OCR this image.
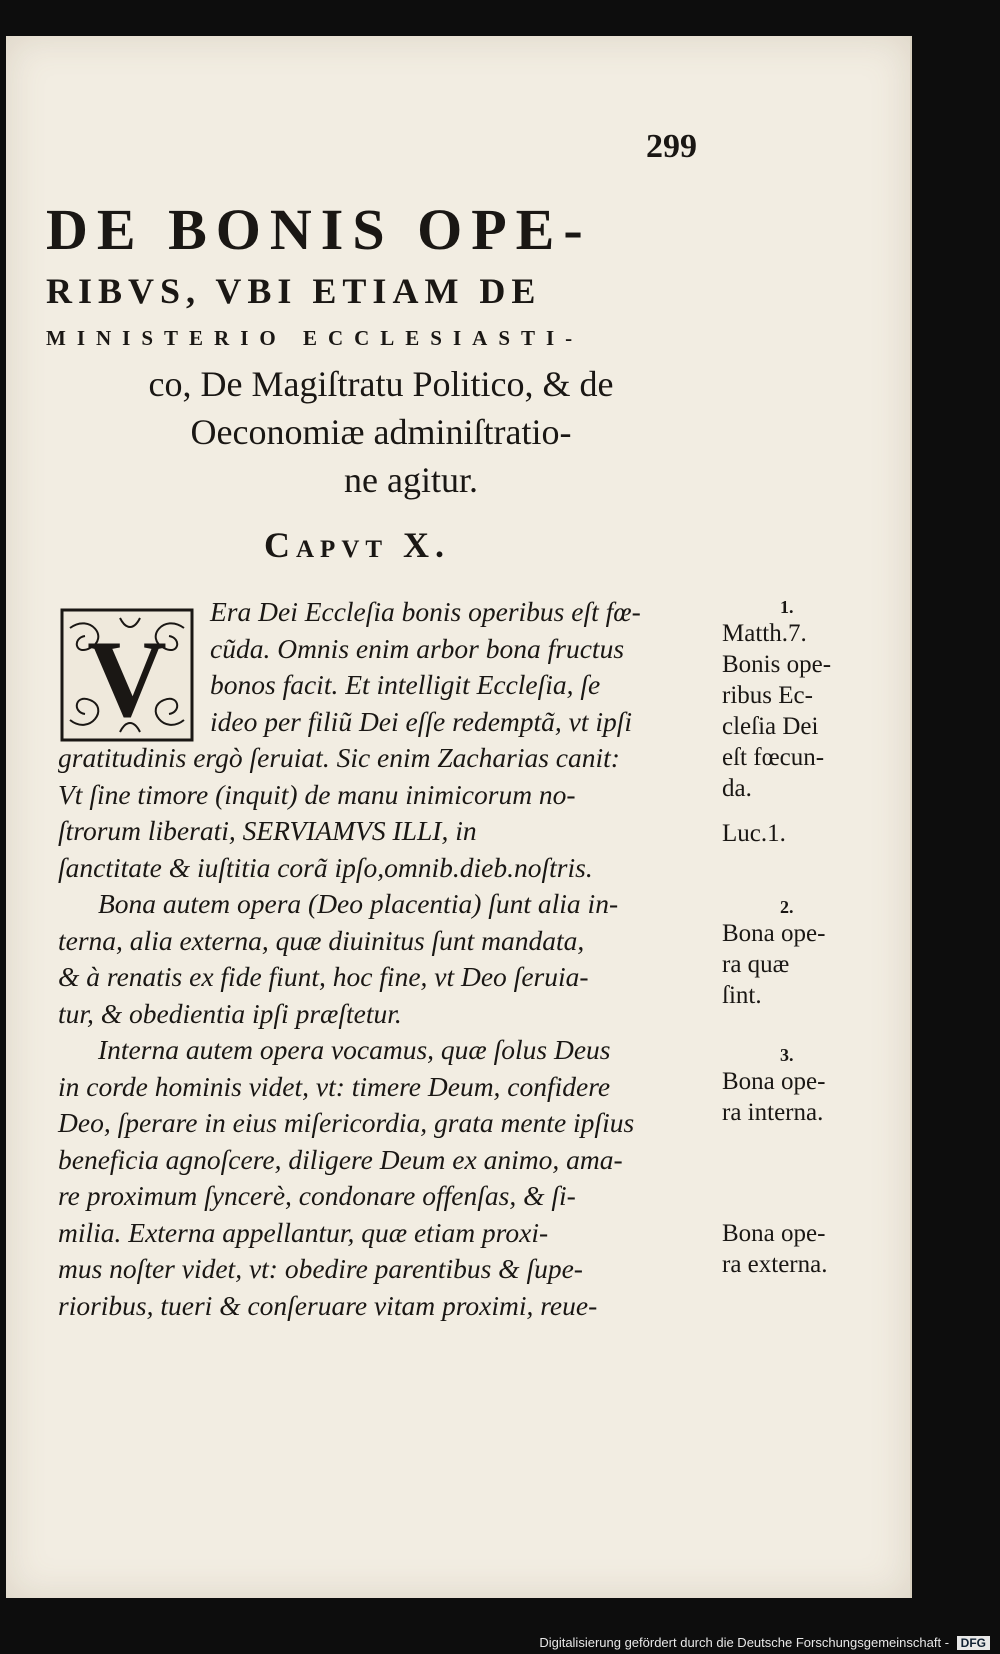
299

DE BONIS OPE-
RIBVS, VBI ETIAM DE
MINISTERIO ECCLESIASTI-
co, De Magiſtratu Politico, & de
Oeconomiæ adminiſtratio-
ne agitur.

Capvt X.

V
Era Dei Eccleſia bonis operibus eſt fœ-
cũda. Omnis enim arbor bona fructus
bonos facit. Et intelligit Eccleſia, ſe
ideo per filiũ Dei eſſe redemptã, vt ipſi
gratitudinis ergò ſeruiat. Sic enim Zacharias canit:
Vt ſine timore (inquit) de manu inimicorum no-
ſtrorum liberati, SERVIAMVS ILLI, in
ſanctitate & iuſtitia corã ipſo,omnib.dieb.noſtris.
Bona autem opera (Deo placentia) ſunt alia in-
terna, alia externa, quæ diuinitus ſunt mandata,
& à renatis ex fide fiunt, hoc fine, vt Deo ſeruia-
tur, & obedientia ipſi præſtetur.
Interna autem opera vocamus, quæ ſolus Deus
in corde hominis videt, vt: timere Deum, confidere
Deo, ſperare in eius miſericordia, grata mente ipſius
beneficia agnoſcere, diligere Deum ex animo, ama-
re proximum ſyncerè, condonare offenſas, & ſi-
milia. Externa appellantur, quæ etiam proxi-
mus noſter videt, vt: obedire parentibus & ſupe-
rioribus, tueri & conſeruare vitam proximi, reue-
1.
Matth.7.
Bonis ope-
ribus Ec-
cleſia Dei
eſt fœcun-
da.
Luc.1.
2.
Bona ope-
ra quæ
ſint.
3.
Bona ope-
ra interna.
Bona ope-
ra externa.

Digitalisierung gefördert durch die Deutsche Forschungsgemeinschaft - DFG
